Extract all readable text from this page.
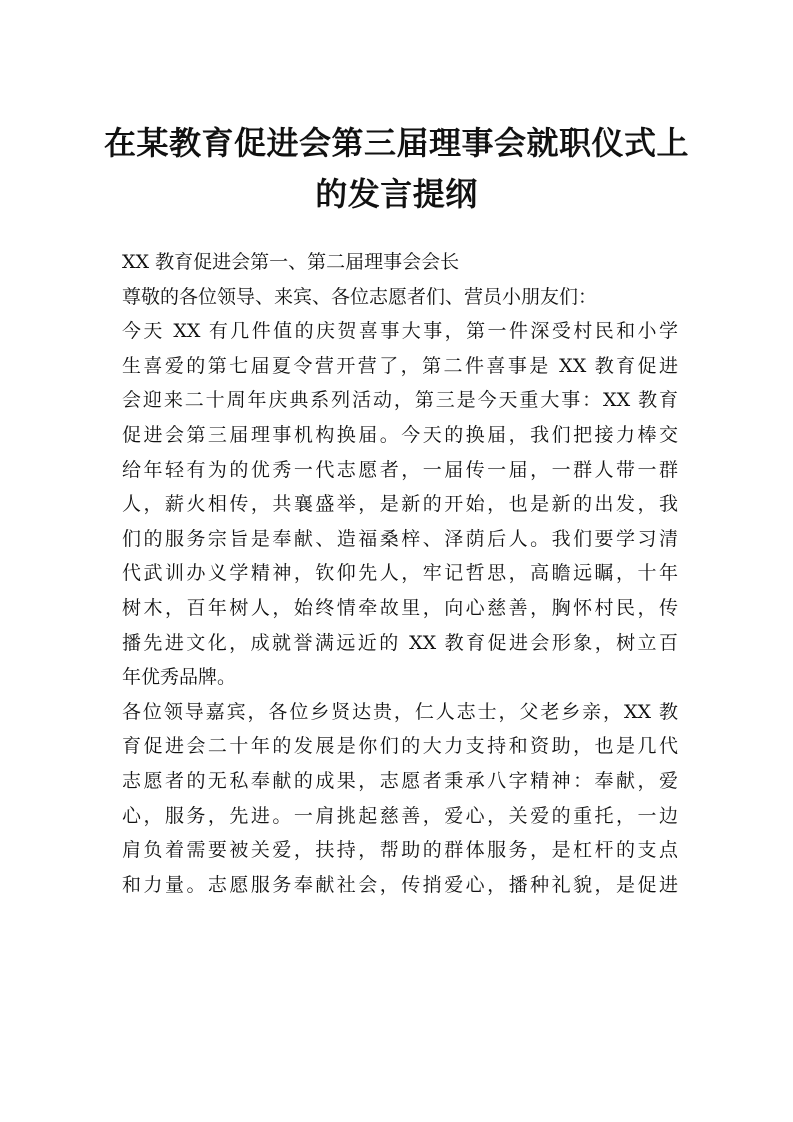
在某教育促进会第三届理事会就职仪式上
的发言提纲
XX 教育促进会第一、第二届理事会会长
尊敬的各位领导、来宾、各位志愿者们、营员小朋友们：
今天 XX 有几件值的庆贺喜事大事，第一件深受村民和小学
生喜爱的第七届夏令营开营了，第二件喜事是 XX 教育促进
会迎来二十周年庆典系列活动，第三是今天重大事：XX 教育
促进会第三届理事机构换届。今天的换届，我们把接力棒交
给年轻有为的优秀一代志愿者，一届传一届，一群人带一群
人，薪火相传，共襄盛举，是新的开始，也是新的出发，我
们的服务宗旨是奉献、造福桑梓、泽荫后人。我们要学习清
代武训办义学精神，钦仰先人，牢记哲思，高瞻远瞩，十年
树木，百年树人，始终情牵故里，向心慈善，胸怀村民，传
播先进文化，成就誉满远近的 XX 教育促进会形象，树立百
年优秀品牌。
各位领导嘉宾，各位乡贤达贵，仁人志士，父老乡亲，XX 教
育促进会二十年的发展是你们的大力支持和资助，也是几代
志愿者的无私奉献的成果，志愿者秉承八字精神：奉献，爱
心，服务，先进。一肩挑起慈善，爱心，关爱的重托，一边
肩负着需要被关爱，扶持，帮助的群体服务，是杠杆的支点
和力量。志愿服务奉献社会，传捎爱心，播种礼貌，是促进
